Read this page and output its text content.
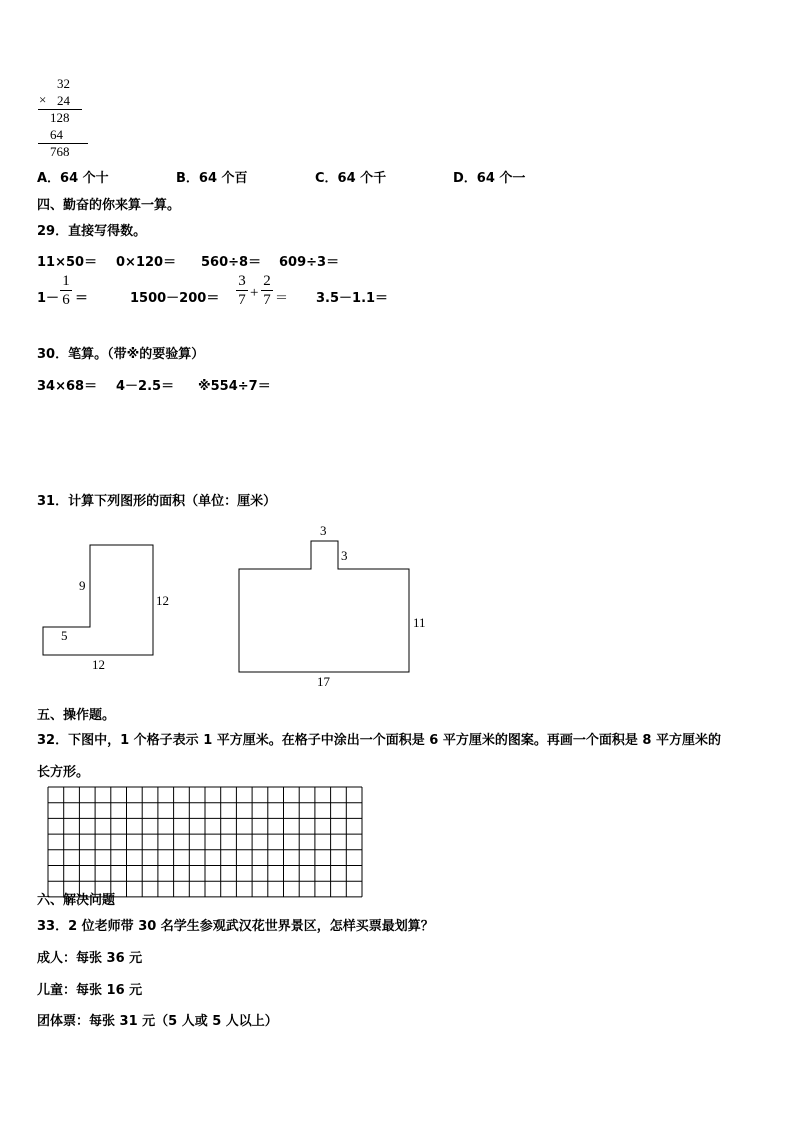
32
× 24
128
64
768
A．64 个十	B．64 个百	C．64 个千	D．64 个一
四、勤奋的你来算一算。
29．直接写得数。
11×50＝ 0×120＝ 560÷8＝ 609÷3＝
1－
1
6 ＝	1500－200＝
3
7 +
2
7 ＝ 3.5－1.1＝
30．笔算。（带※的要验算）
34×68＝ 4－2.5＝ ※554÷7＝
31．计算下列图形的面积（单位：厘米）
9
12
5
12
3
3
11
17
五、操作题。
32．下图中，1 个格子表示 1 平方厘米。在格子中涂出一个面积是 6 平方厘米的图案。再画一个面积是 8 平方厘米的
长方形。
六、解决问题
33．2 位老师带 30 名学生参观武汉花世界景区，怎样买票最划算？
成人：每张 36 元
儿童：每张 16 元
团体票：每张 31 元（5 人或 5 人以上）
